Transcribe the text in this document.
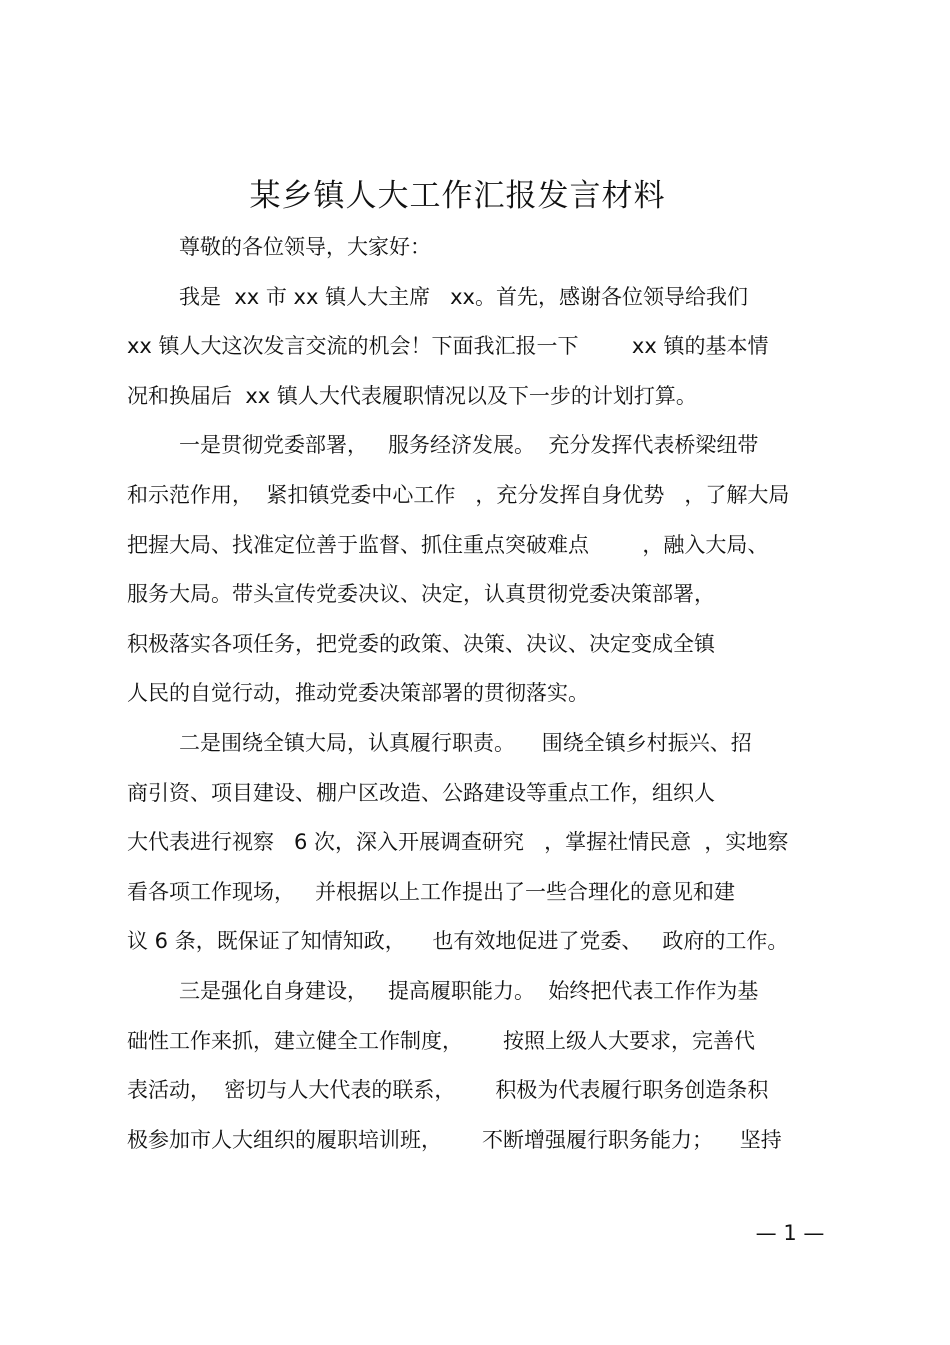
某乡镇人大工作汇报发言材料
尊敬的各位领导，大家好：
我是  xx 市 xx 镇人大主席   xx。首先，感谢各位领导给我们
xx 镇人大这次发言交流的机会！下面我汇报一下        xx 镇的基本情
况和换届后  xx 镇人大代表履职情况以及下一步的计划打算。
一是贯彻党委部署，   服务经济发展。  充分发挥代表桥梁纽带
和示范作用，  紧扣镇党委中心工作   ，充分发挥自身优势   ，了解大局
把握大局、找准定位善于监督、抓住重点突破难点        ，融入大局、
服务大局。带头宣传党委决议、决定，认真贯彻党委决策部署，
积极落实各项任务，把党委的政策、决策、决议、决定变成全镇
人民的自觉行动，推动党委决策部署的贯彻落实。
二是围绕全镇大局，认真履行职责。    围绕全镇乡村振兴、招
商引资、项目建设、棚户区改造、公路建设等重点工作，组织人
大代表进行视察   6 次，深入开展调查研究   ，掌握社情民意  ，实地察
看各项工作现场，   并根据以上工作提出了一些合理化的意见和建
议 6 条，既保证了知情知政，    也有效地促进了党委、   政府的工作。
三是强化自身建设，   提高履职能力。  始终把代表工作作为基
础性工作来抓，建立健全工作制度，      按照上级人大要求，完善代
表活动，  密切与人大代表的联系，      积极为代表履行职务创造条积
极参加市人大组织的履职培训班，      不断增强履行职务能力；    坚持
— 1 —
